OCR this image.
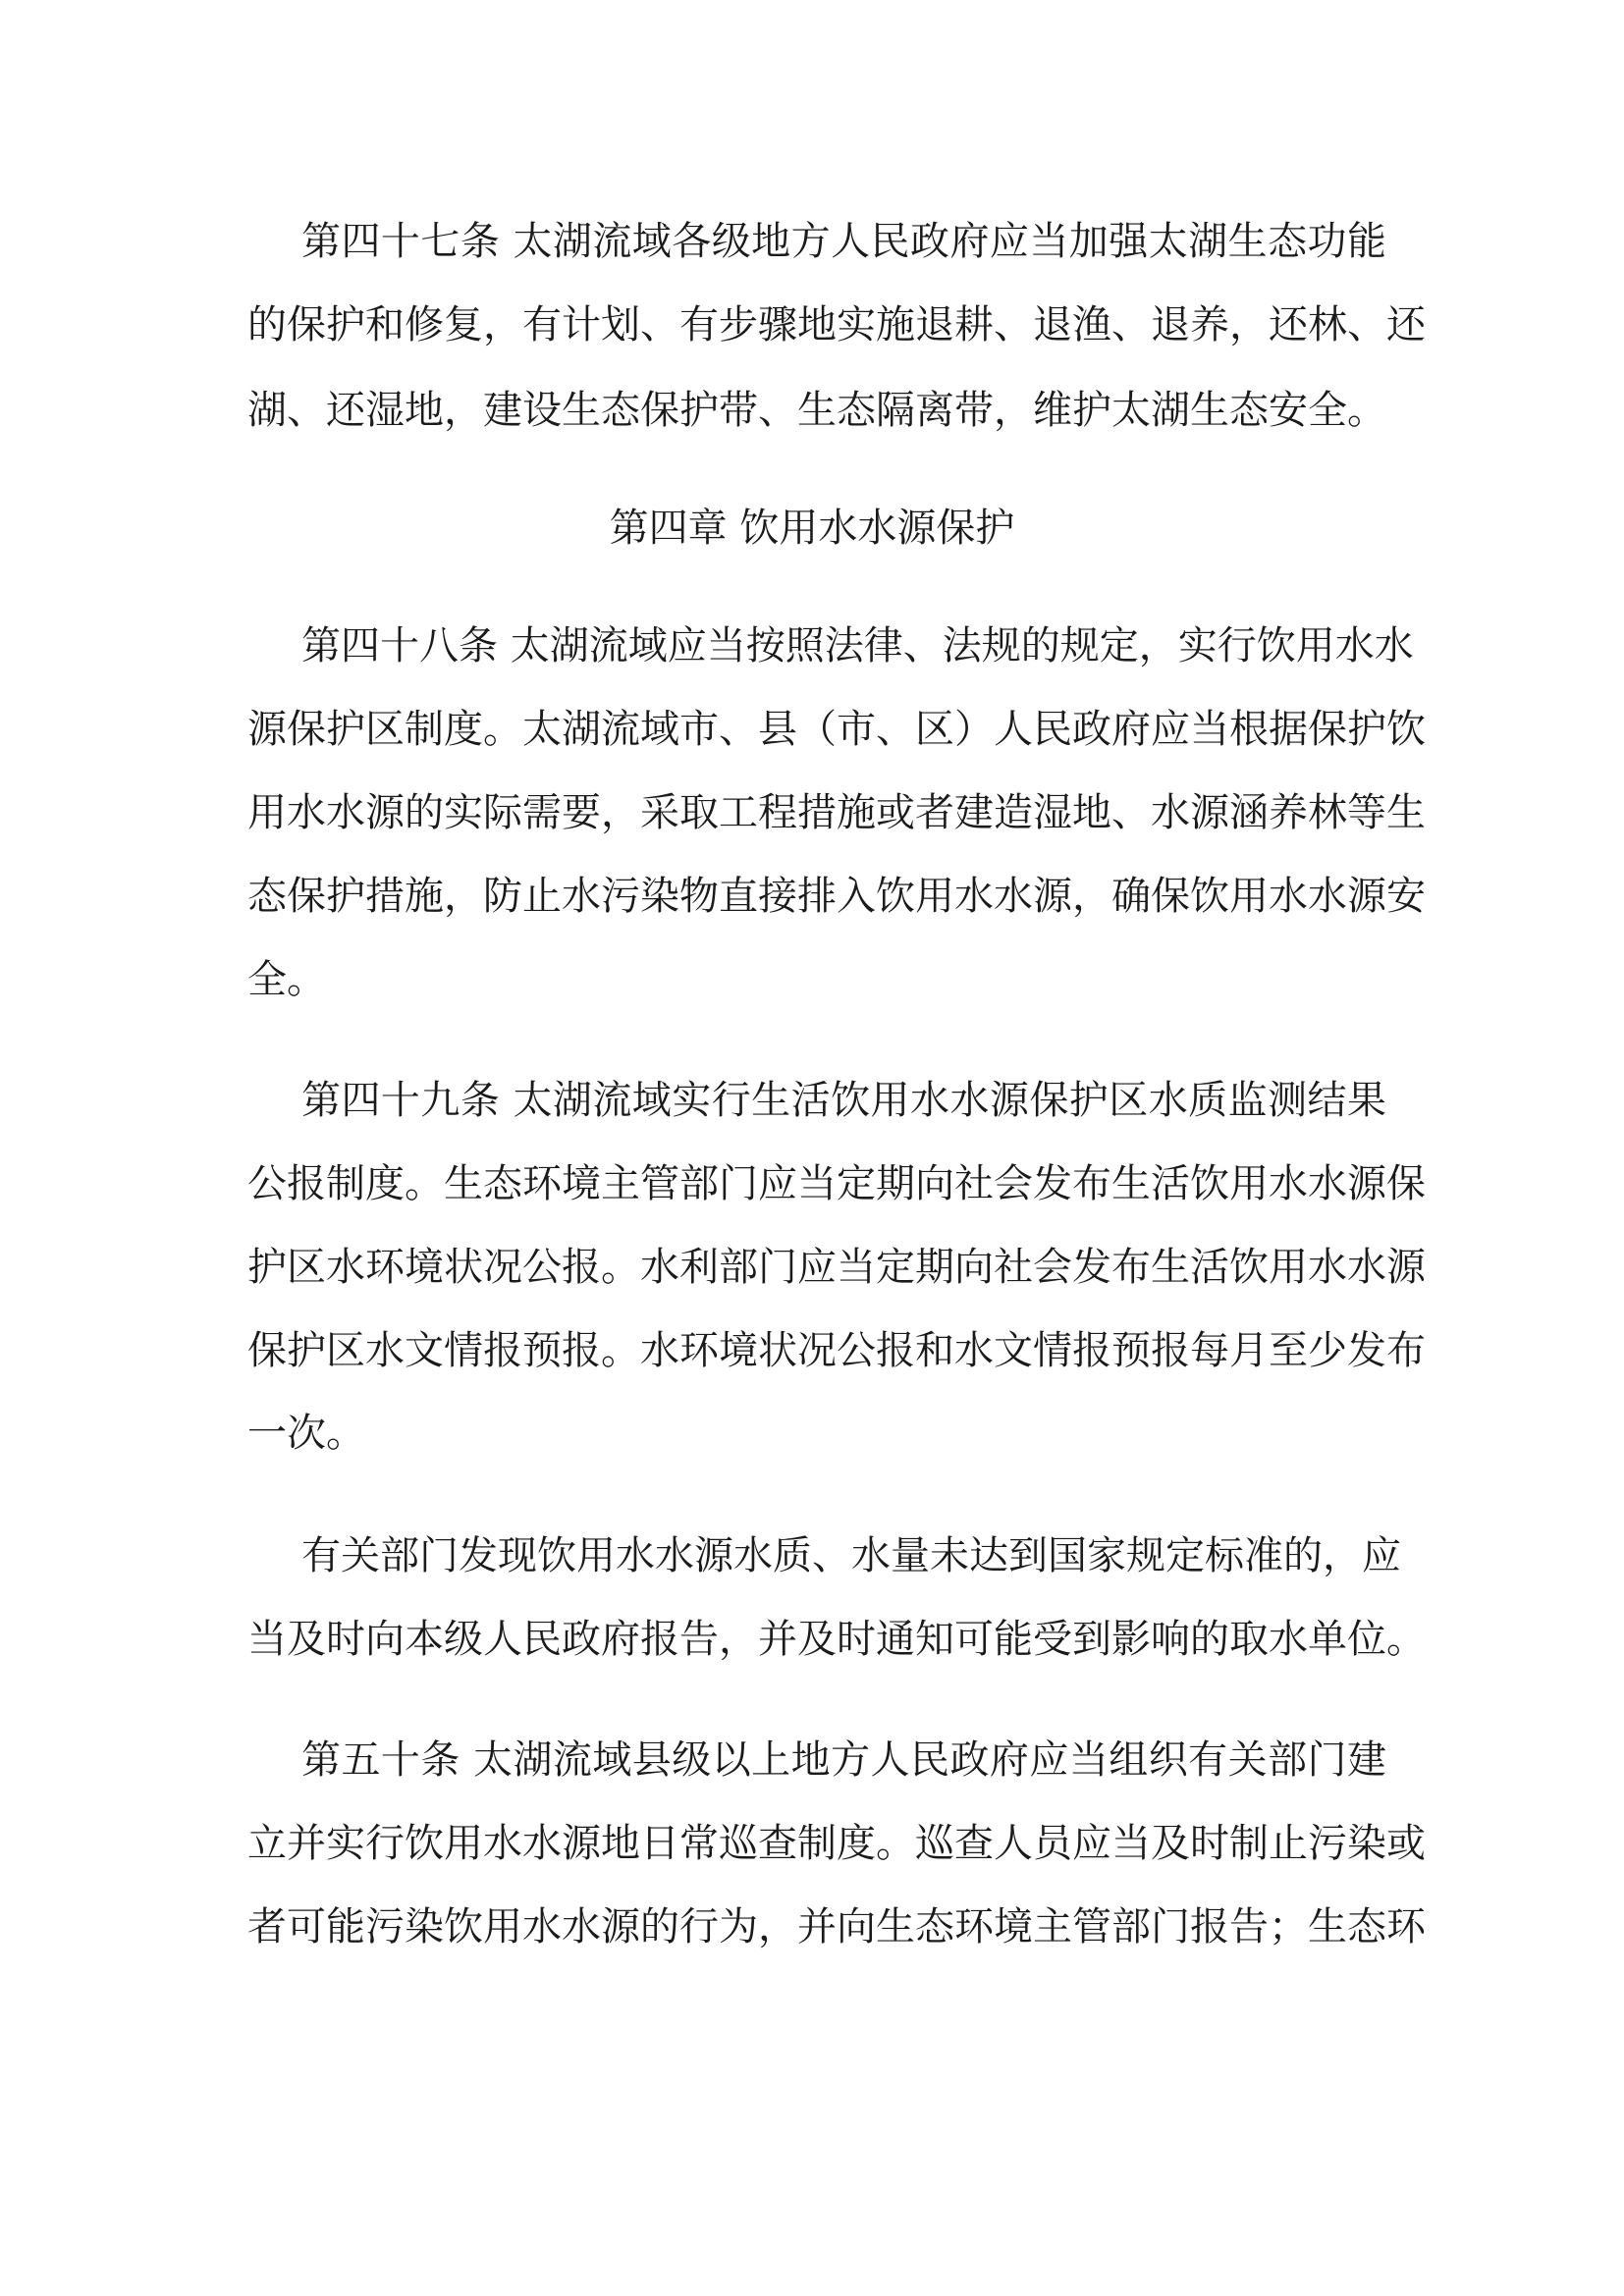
第四十七条 太湖流域各级地方人民政府应当加强太湖生态功能

的保护和修复，有计划、有步骤地实施退耕、退渔、退养，还林、还

湖、还湿地，建设生态保护带、生态隔离带，维护太湖生态安全。

第四章 饮用水水源保护

第四十八条 太湖流域应当按照法律、法规的规定，实行饮用水水

源保护区制度。太湖流域市、县（市、区）人民政府应当根据保护饮

用水水源的实际需要，采取工程措施或者建造湿地、水源涵养林等生

态保护措施，防止水污染物直接排入饮用水水源，确保饮用水水源安

全。

第四十九条 太湖流域实行生活饮用水水源保护区水质监测结果

公报制度。生态环境主管部门应当定期向社会发布生活饮用水水源保

护区水环境状况公报。水利部门应当定期向社会发布生活饮用水水源

保护区水文情报预报。水环境状况公报和水文情报预报每月至少发布

一次。

有关部门发现饮用水水源水质、水量未达到国家规定标准的，应

当及时向本级人民政府报告，并及时通知可能受到影响的取水单位。

第五十条 太湖流域县级以上地方人民政府应当组织有关部门建

立并实行饮用水水源地日常巡查制度。巡查人员应当及时制止污染或

者可能污染饮用水水源的行为，并向生态环境主管部门报告；生态环
